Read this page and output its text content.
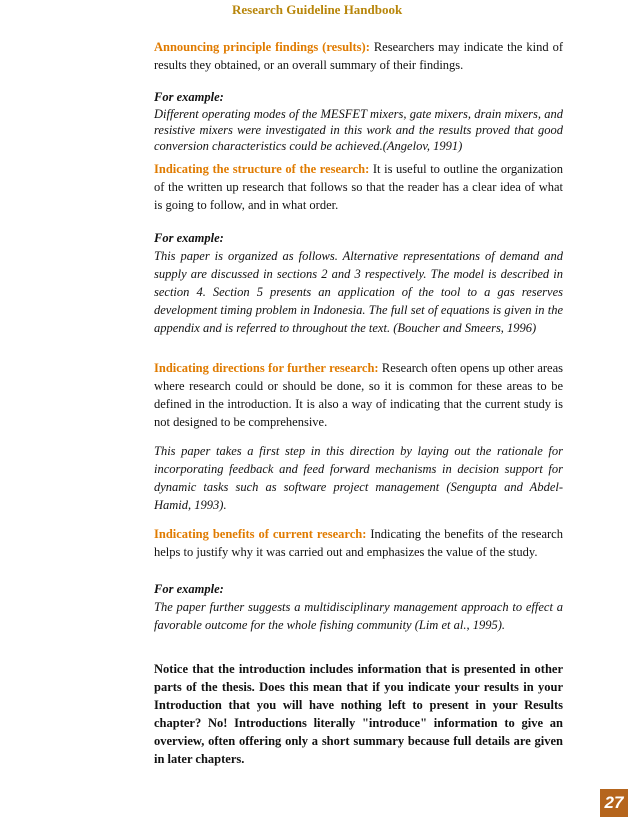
Research Guideline Handbook
Announcing principle findings (results): Researchers may indicate the kind of results they obtained, or an overall summary of their findings.
For example:
Different operating modes of the MESFET mixers, gate mixers, drain mixers, and resistive mixers were investigated in this work and the results proved that good conversion characteristics could be achieved.(Angelov, 1991)
Indicating the structure of the research: It is useful to outline the organization of the written up research that follows so that the reader has a clear idea of what is going to follow, and in what order.
For example:
This paper is organized as follows. Alternative representations of demand and supply are discussed in sections 2 and 3 respectively. The model is described in section 4. Section 5 presents an application of the tool to a gas reserves development timing problem in Indonesia. The full set of equations is given in the appendix and is referred to throughout the text. (Boucher and Smeers, 1996)
Indicating directions for further research: Research often opens up other areas where research could or should be done, so it is common for these areas to be defined in the introduction. It is also a way of indicating that the current study is not designed to be comprehensive.
This paper takes a first step in this direction by laying out the rationale for incorporating feedback and feed forward mechanisms in decision support for dynamic tasks such as software project management (Sengupta and Abdel-Hamid, 1993).
Indicating benefits of current research: Indicating the benefits of the research helps to justify why it was carried out and emphasizes the value of the study.
For example:
The paper further suggests a multidisciplinary management approach to effect a favorable outcome for the whole fishing community (Lim et al., 1995).
Notice that the introduction includes information that is presented in other parts of the thesis. Does this mean that if you indicate your results in your Introduction that you will have nothing left to present in your Results chapter? No! Introductions literally "introduce" information to give an overview, often offering only a short summary because full details are given in later chapters.
27
